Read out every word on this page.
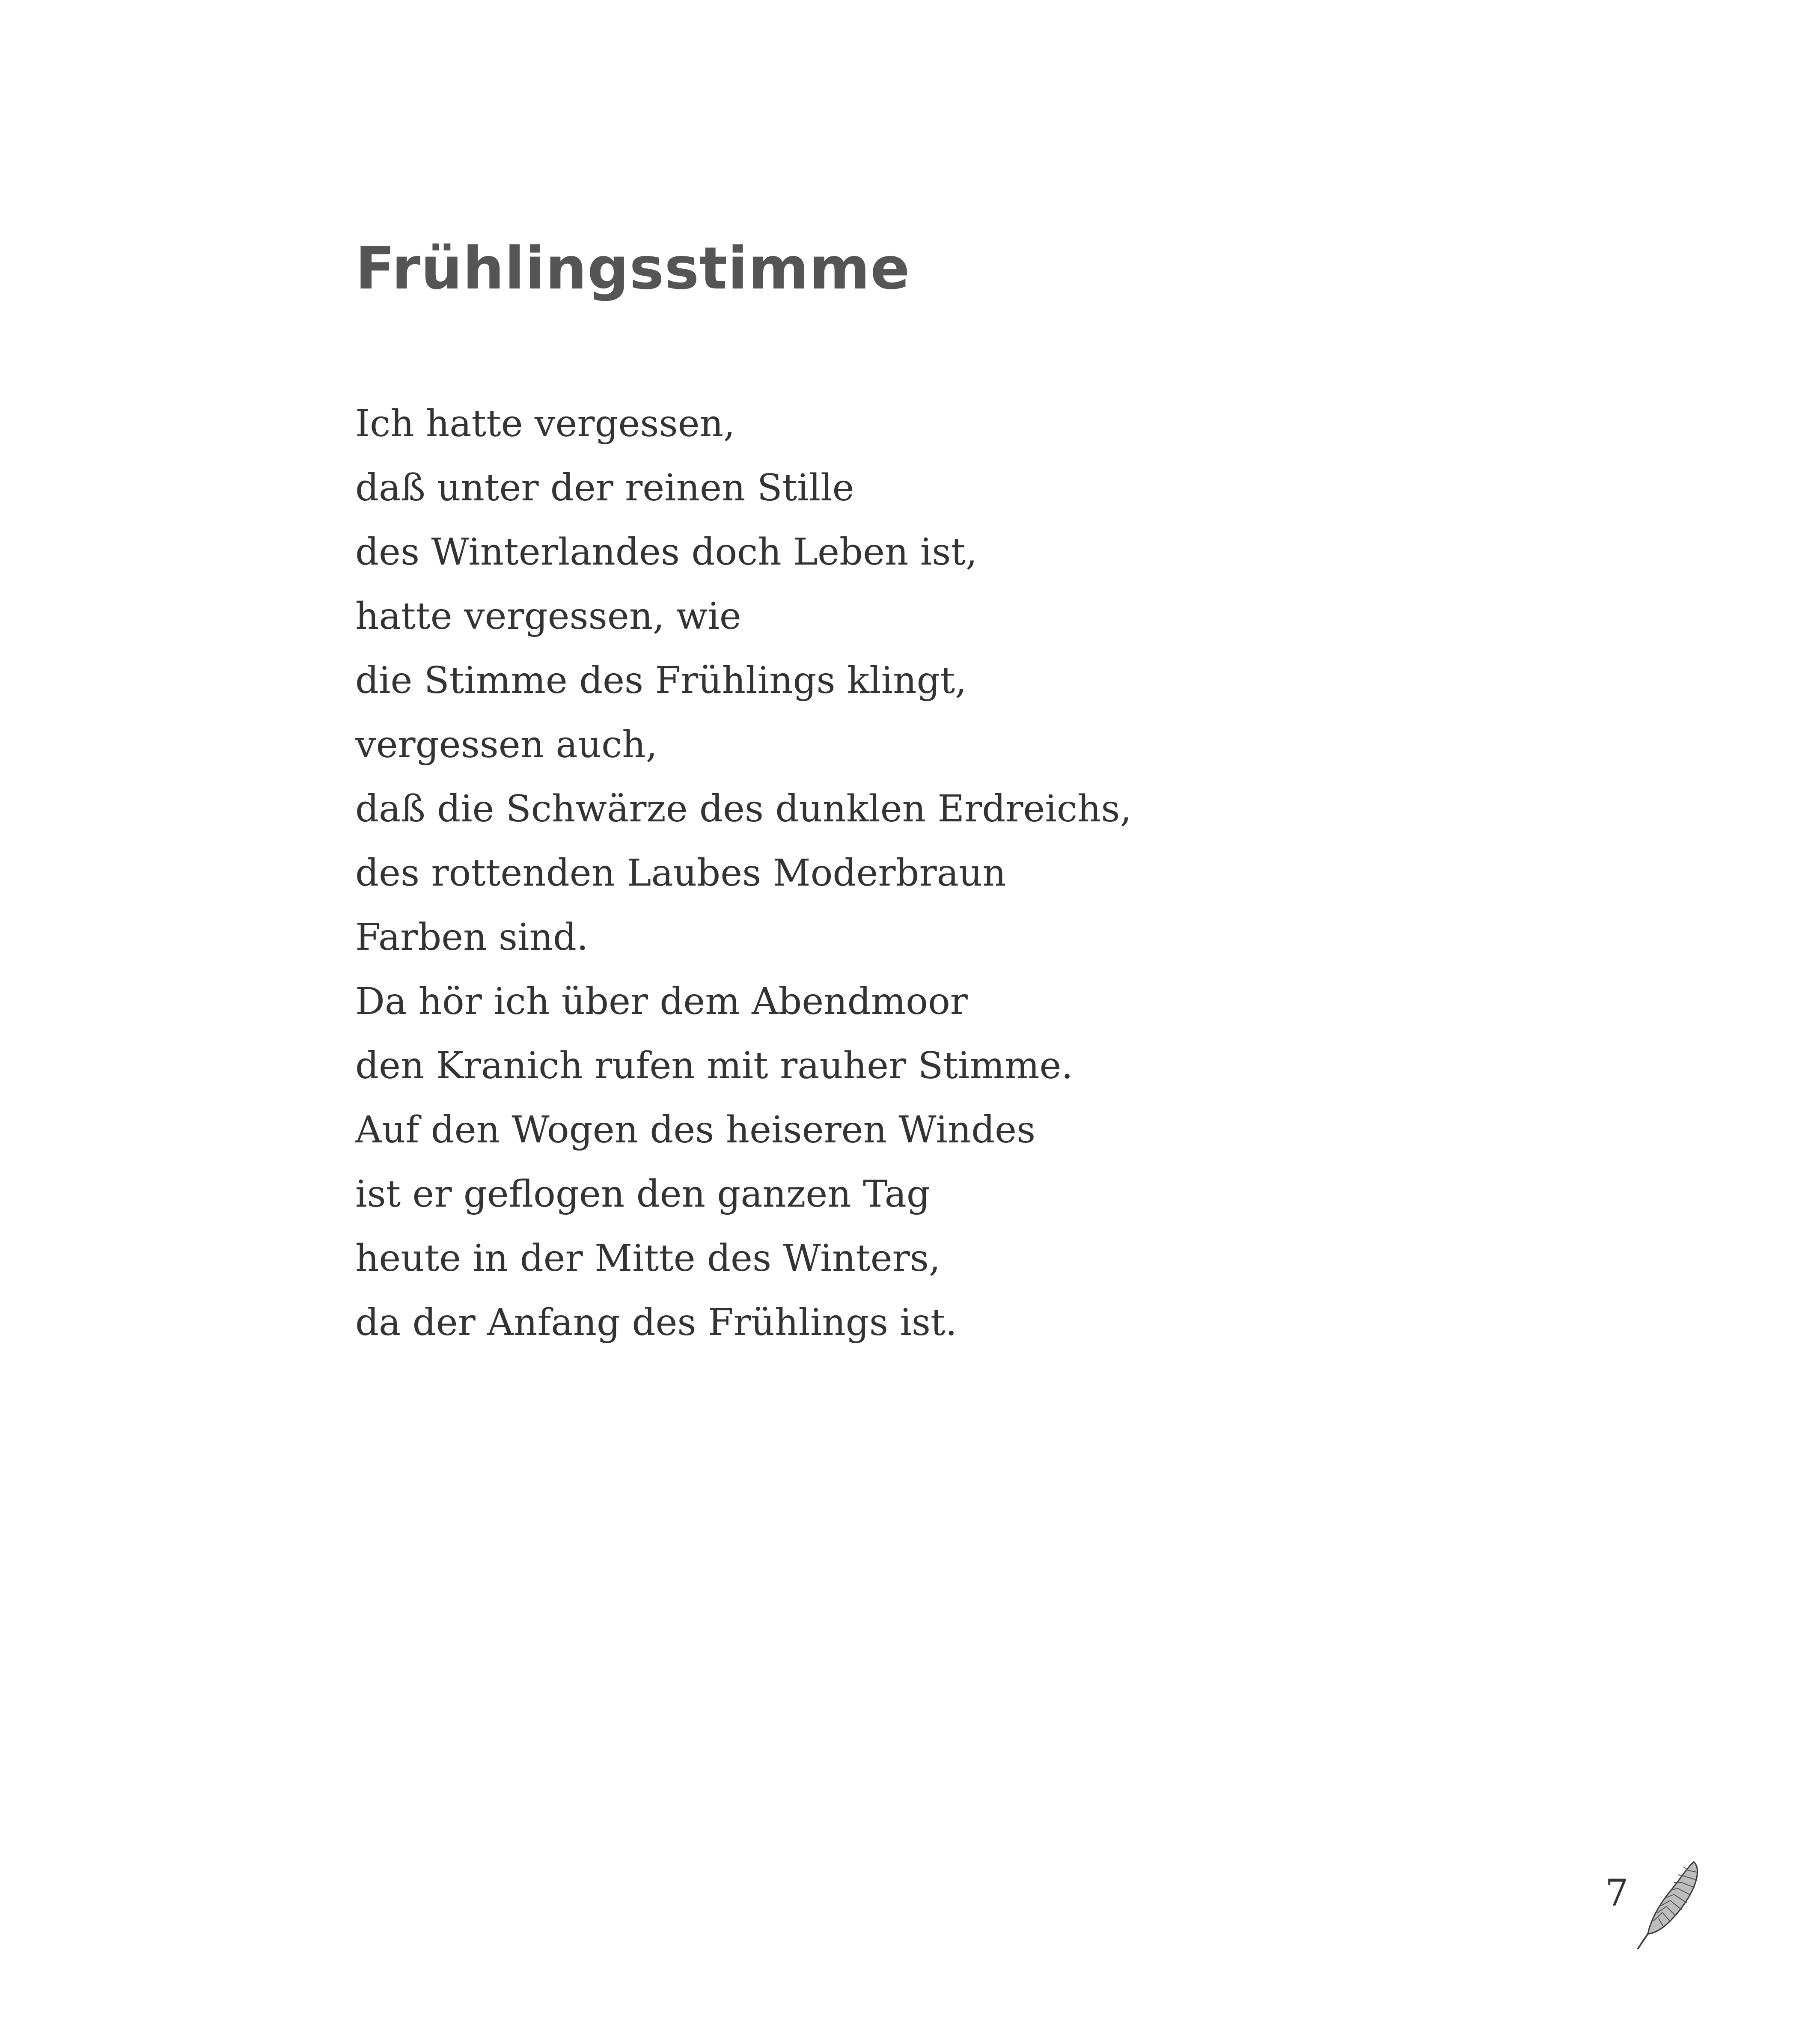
Frühlingsstimme
Ich hatte vergessen,
daß unter der reinen Stille
des Winterlandes doch Leben ist,
hatte vergessen, wie
die Stimme des Frühlings klingt,
vergessen auch,
daß die Schwärze des dunklen Erdreichs,
des rottenden Laubes Moderbraun
Farben sind.
Da hör ich über dem Abendmoor
den Kranich rufen mit rauher Stimme.
Auf den Wogen des heiseren Windes
ist er geflogen den ganzen Tag
heute in der Mitte des Winters,
da der Anfang des Frühlings ist.
7
